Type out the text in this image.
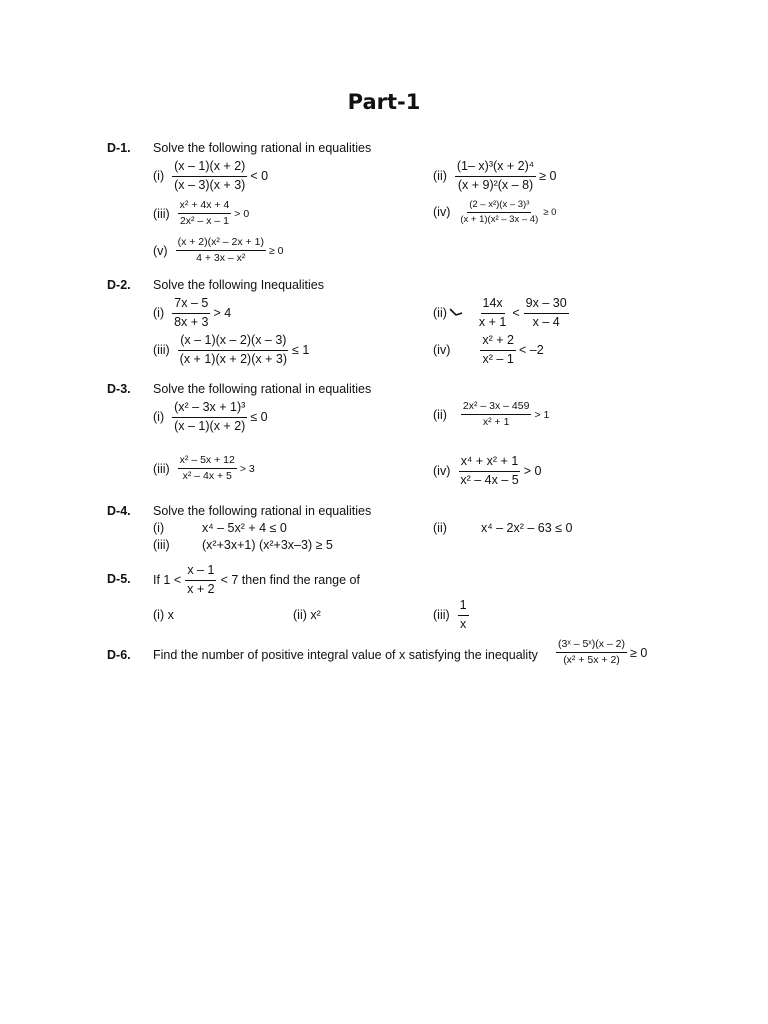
Part-1
D-1. Solve the following rational in equalities
$(i) \frac{(x - 1)(x + 2)}{(x - 3)(x + 3)} < 0$	$(ii) \frac{\text{(1– x)³(x + 2)⁴}}{\text{(x + 9)²(x – 8)}} \ge 0$
$(iii) \frac{\text{x² + 4x + 4}}{\text{2x² – x – 1}} > 0$	$(iv) \frac{\text{(2 – x²)(x – 3)³}}{\text{(x + 1)(x² – 3x – 4)}} \ge 0$
$(v) \frac{\text{(x + 2)(x² – 2x + 1)}}{\text{4 + 3x – x²}} \ge 0$
D-2. Solve the following Inequalities
$(i) \frac{7x - 5}{8x + 3} > 4$	$(ii) \frac{14x}{x + 1} < \frac{9x - 30}{x - 4}$
$(iii) \frac{(x - 1)(x - 2)(x - 3)}{(x + 1)(x + 2)(x + 3)} \le 1$	$(iv) \frac{\text{x² + 2}}{\text{x² – 1}} < -2$
D-3. Solve the following rational in equalities
$(i) \frac{\text{(x² – 3x + 1)³}}{(x - 1)(x + 2)} \le 0$	$(ii) \frac{\text{2x² – 3x – 459}}{\text{x² + 1}} > 1$
$(iii) \frac{\text{x² – 5x + 12}}{\text{x² – 4x + 5}} > 3$	$(iv) \frac{\text{x⁴ + x² + 1}}{\text{x² – 4x – 5}} > 0$
D-4. Solve the following rational in equalities
(i)	x⁴ – 5x² + 4 ≤ 0	(ii)	x⁴ – 2x² – 63 ≤ 0
(iii)	(x²+3x+1) (x²+3x–3) ≥ 5
D-5. If $1 < \frac{x - 1}{x + 2} < 7$ then find the range of
(i) x	(ii) x²	$(iii) \frac{1}{x}$
D-6. Find the number of positive integral value of x satisfying the inequality $\frac{\text{(3ˣ – 5ˣ)(x – 2)}}{\text{(x² + 5x + 2)}} \ge 0$
